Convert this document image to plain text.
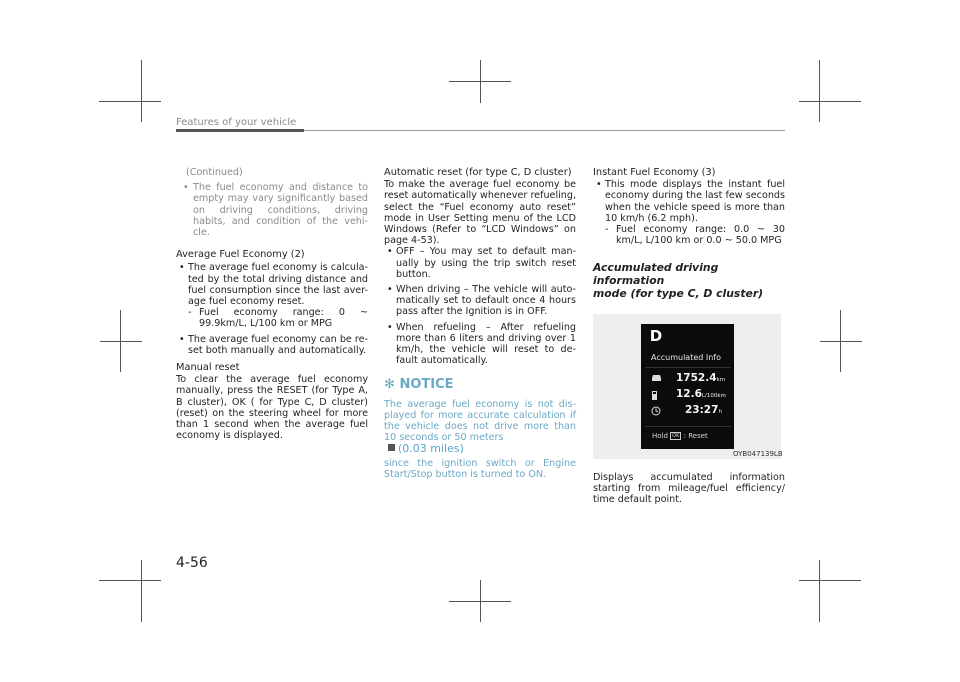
Features of your vehicle

(Continued)

• The fuel economy and distance to empty may vary significantly based on driving conditions, driving habits, and condition of the vehi-cle.

Average Fuel Economy (2)

• The average fuel economy is calcula-ted by the total driving distance and fuel consumption since the last aver-age fuel economy reset.
- Fuel economy range: 0 ~ 99.9km/L, L/100 km or MPG
• The average fuel economy can be re-set both manually and automatically.

Manual reset

To clear the average fuel economy manually, press the RESET (for Type A, B cluster), OK ( for Type C, D cluster) (reset) on the steering wheel for more than 1 second when the average fuel economy is displayed.

Automatic reset (for type C, D cluster)

To make the average fuel economy be reset automatically whenever refueling, select the “Fuel economy auto reset” mode in User Setting menu of the LCD Windows (Refer to “LCD Windows” on page 4-53).

• OFF – You may set to default man-ually by using the trip switch reset button.
• When driving – The vehicle will auto-matically set to default once 4 hours pass after the Ignition is in OFF.
• When refueling – After refueling more than 6 liters and driving over 1 km/h, the vehicle will reset to de-fault automatically.

✻ NOTICE

The average fuel economy is not dis-played for more accurate calculation if the vehicle does not drive more than 10 seconds or 50 meters

(0.03 miles)

since the ignition switch or Engine Start/Stop button is turned to ON.

Instant Fuel Economy (3)

• This mode displays the instant fuel economy during the last few seconds when the vehicle speed is more than 10 km/h (6.2 mph).
- Fuel economy range: 0.0 ~ 30 km/L, L/100 km or 0.0 ~ 50.0 MPG

Accumulated driving information
mode (for type C, D cluster)

D
Accumulated Info
1752.4km
12.6L/100km
23:27h
Hold OK : Reset
OYB047139LB

Displays accumulated information starting from mileage/fuel efficiency/ time default point.

4-56
